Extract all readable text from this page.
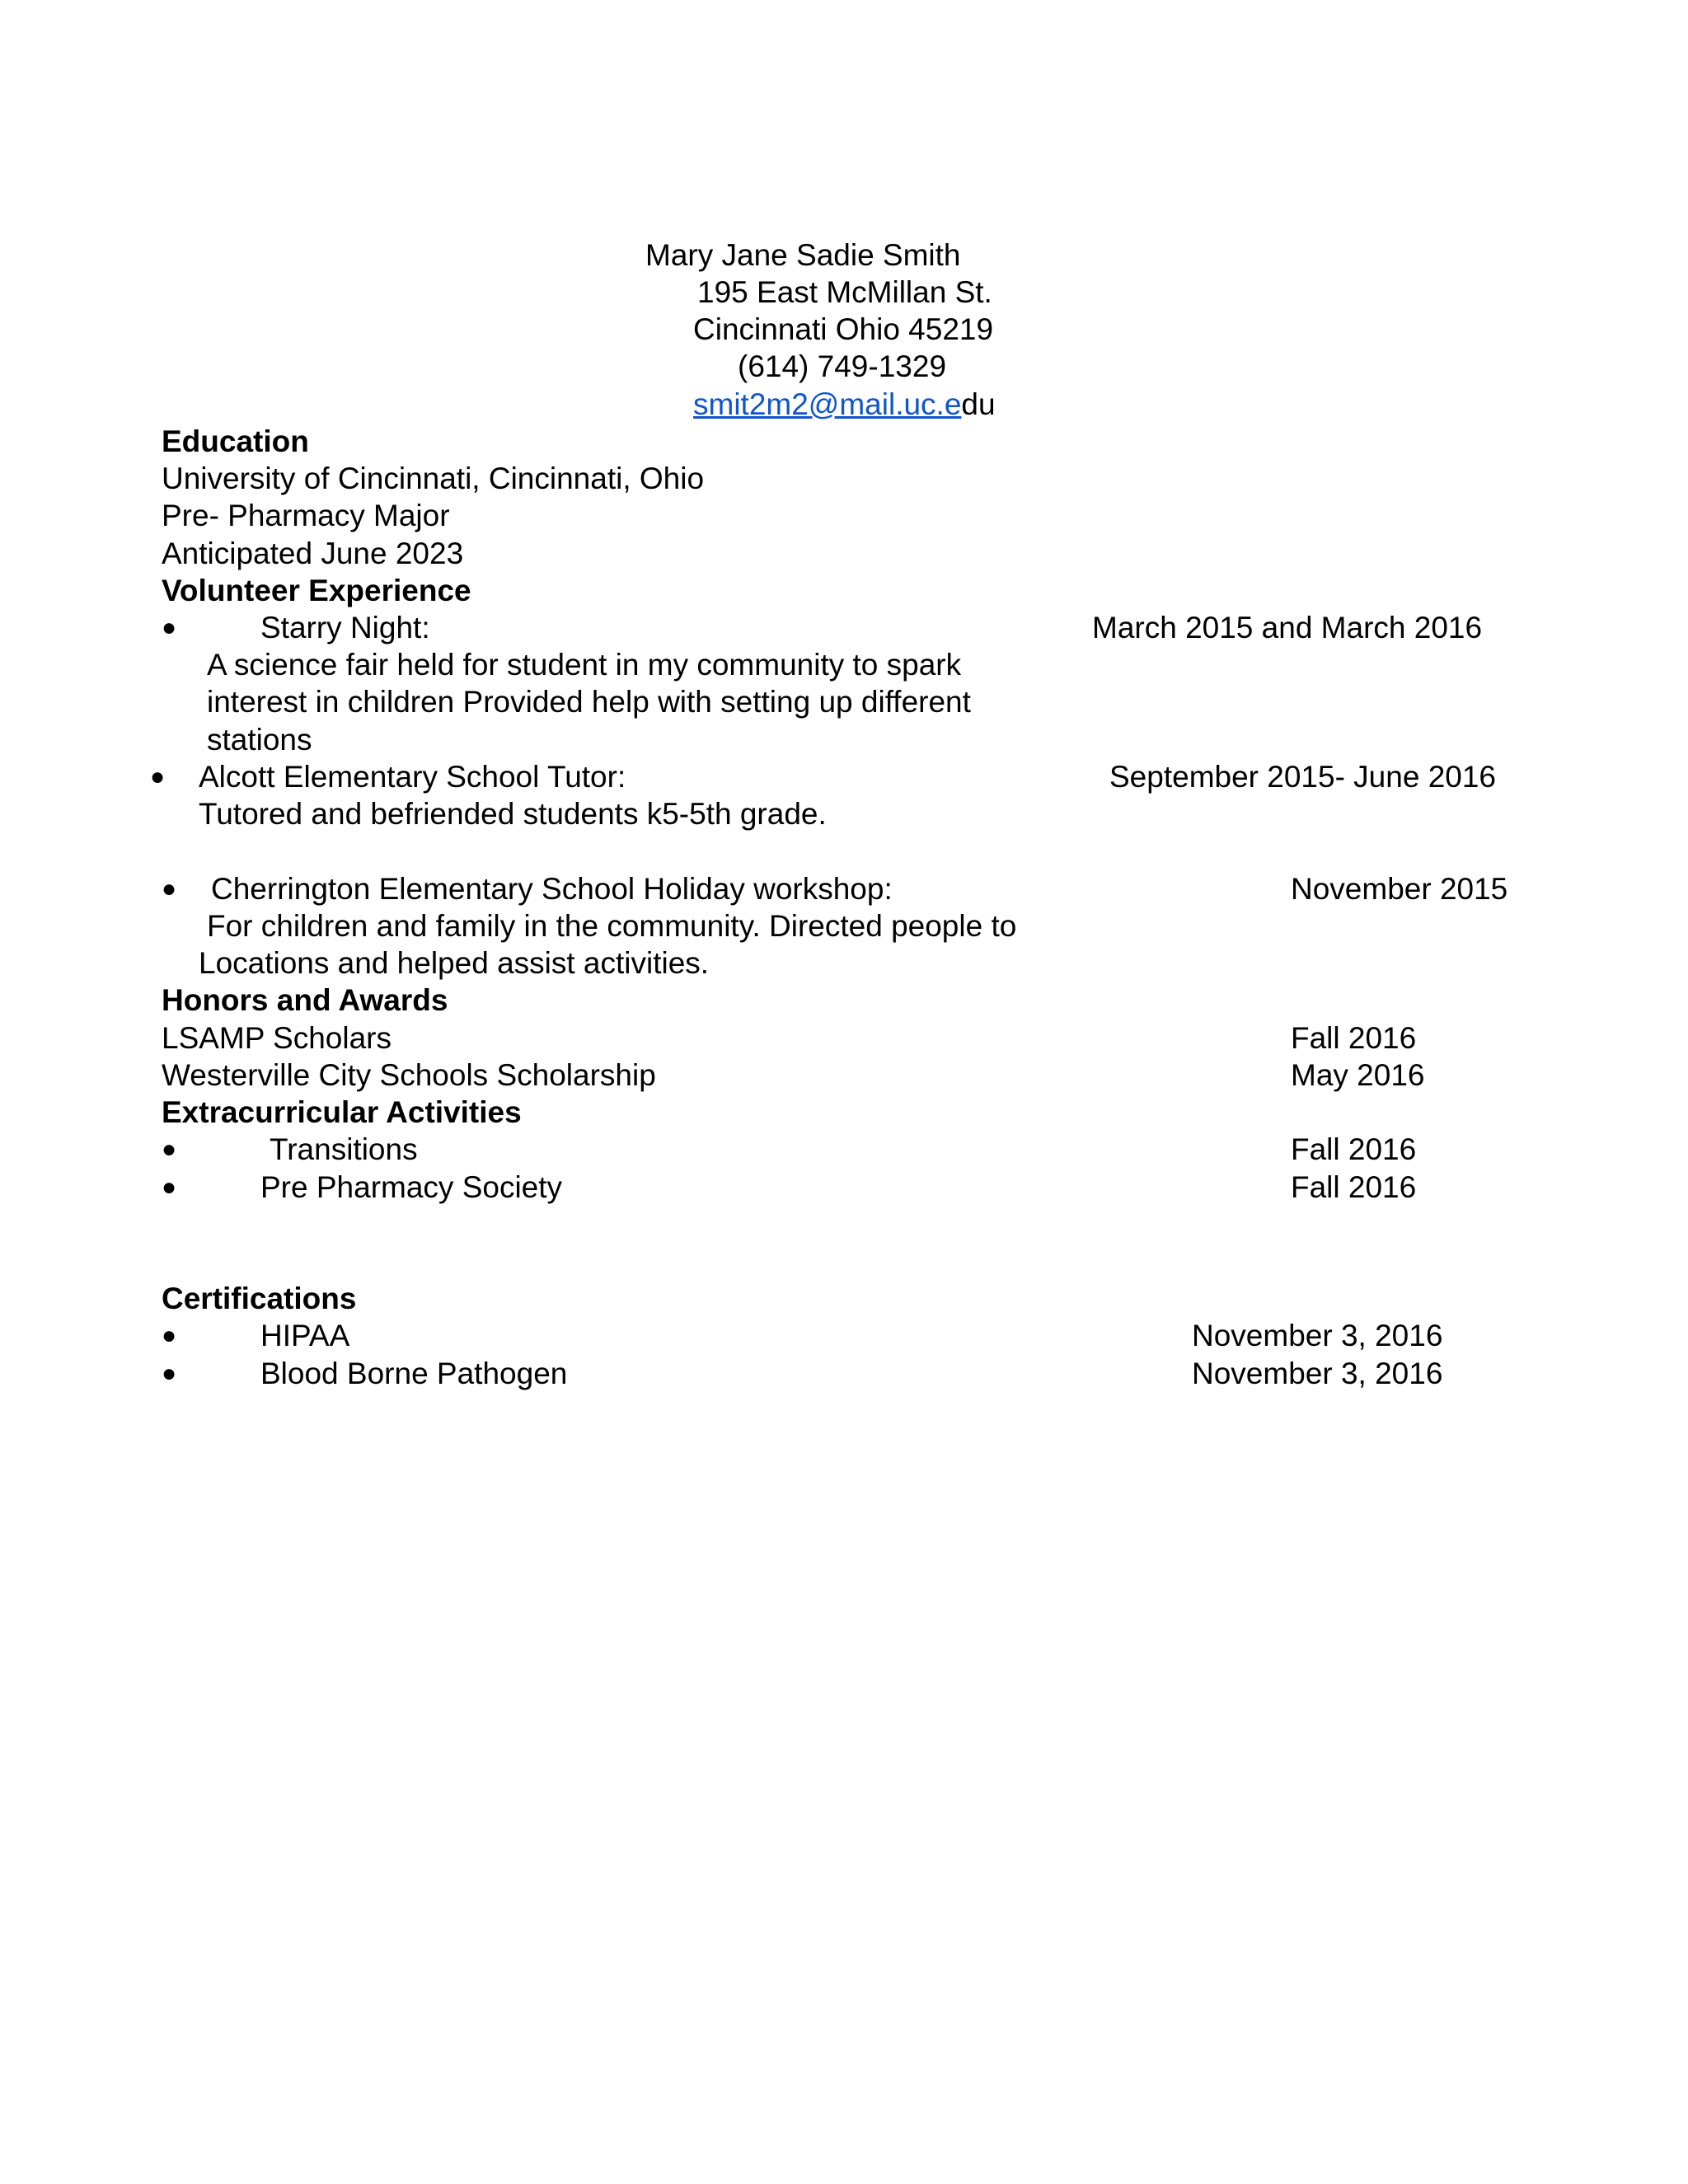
Mary Jane Sadie Smith

195 East McMillan St.

Cincinnati Ohio 45219

(614) 749-1329

smit2m2@mail.uc.edu

Education

University of Cincinnati, Cincinnati, Ohio

Pre- Pharmacy Major

Anticipated June 2023

Volunteer Experience

●	Starry Night:	March 2015 and March 2016

A science fair held for student in my community to spark

interest in children Provided help with setting up different

stations

● Alcott Elementary School Tutor:	September 2015- June 2016

Tutored and befriended students k5-5th grade.

● Cherrington Elementary School Holiday workshop:	November 2015

For children and family in the community. Directed people to

Locations and helped assist activities.

Honors and Awards

LSAMP Scholars	Fall 2016

Westerville City Schools Scholarship	May 2016

Extracurricular Activities

●	Transitions	Fall 2016

●	Pre Pharmacy Society	Fall 2016

Certifications

●	HIPAA	November 3, 2016

●	Blood Borne Pathogen	November 3, 2016
